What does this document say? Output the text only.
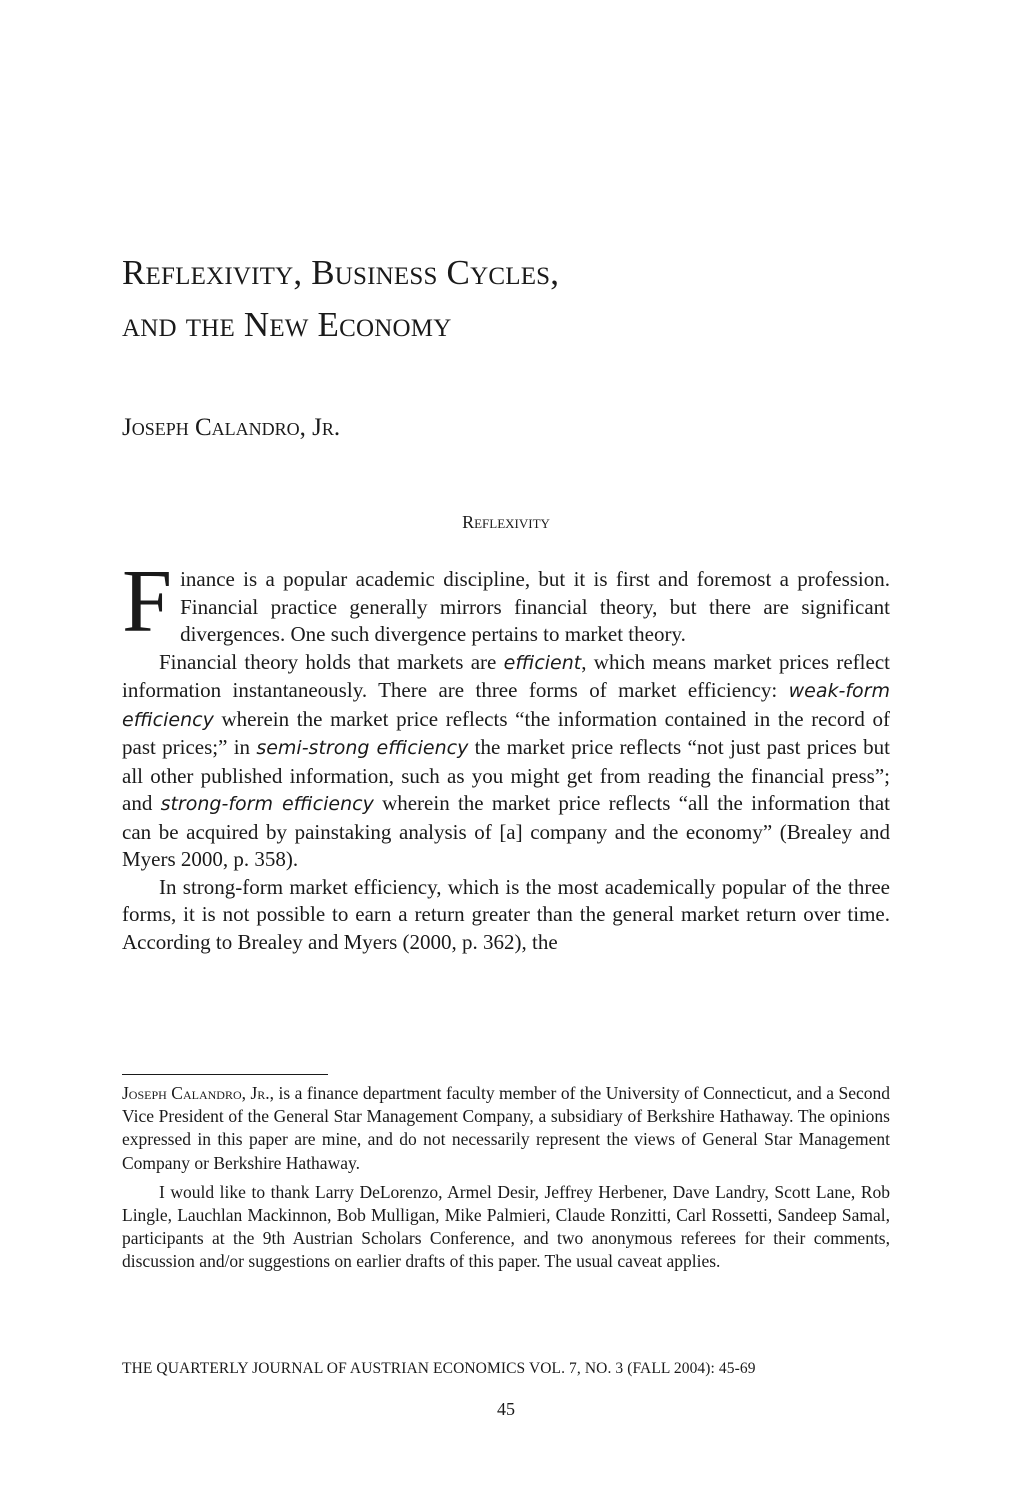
Reflexivity, Business Cycles,
and the New Economy
Joseph Calandro, Jr.
Reflexivity

Finance is a popular academic discipline, but it is first and foremost a profession. Financial practice generally mirrors financial theory, but there are significant divergences. One such divergence pertains to market theory.

Financial theory holds that markets are efficient, which means market prices reflect information instantaneously. There are three forms of market efficiency: weak-form efficiency wherein the market price reflects “the information contained in the record of past prices;” in semi-strong efficiency the market price reflects “not just past prices but all other published information, such as you might get from reading the financial press”; and strong-form efficiency wherein the market price reflects “all the information that can be acquired by painstaking analysis of [a] company and the economy” (Brealey and Myers 2000, p. 358).

In strong-form market efficiency, which is the most academically popular of the three forms, it is not possible to earn a return greater than the general market return over time. According to Brealey and Myers (2000, p. 362), the

Joseph Calandro, Jr., is a finance department faculty member of the University of Connecticut, and a Second Vice President of the General Star Management Company, a subsidiary of Berkshire Hathaway. The opinions expressed in this paper are mine, and do not necessarily represent the views of General Star Management Company or Berkshire Hathaway.

I would like to thank Larry DeLorenzo, Armel Desir, Jeffrey Herbener, Dave Landry, Scott Lane, Rob Lingle, Lauchlan Mackinnon, Bob Mulligan, Mike Palmieri, Claude Ronzitti, Carl Rossetti, Sandeep Samal, participants at the 9th Austrian Scholars Conference, and two anonymous referees for their comments, discussion and/or suggestions on earlier drafts of this paper. The usual caveat applies.

THE QUARTERLY JOURNAL OF AUSTRIAN ECONOMICS VOL. 7, NO. 3 (FALL 2004): 45-69
45
